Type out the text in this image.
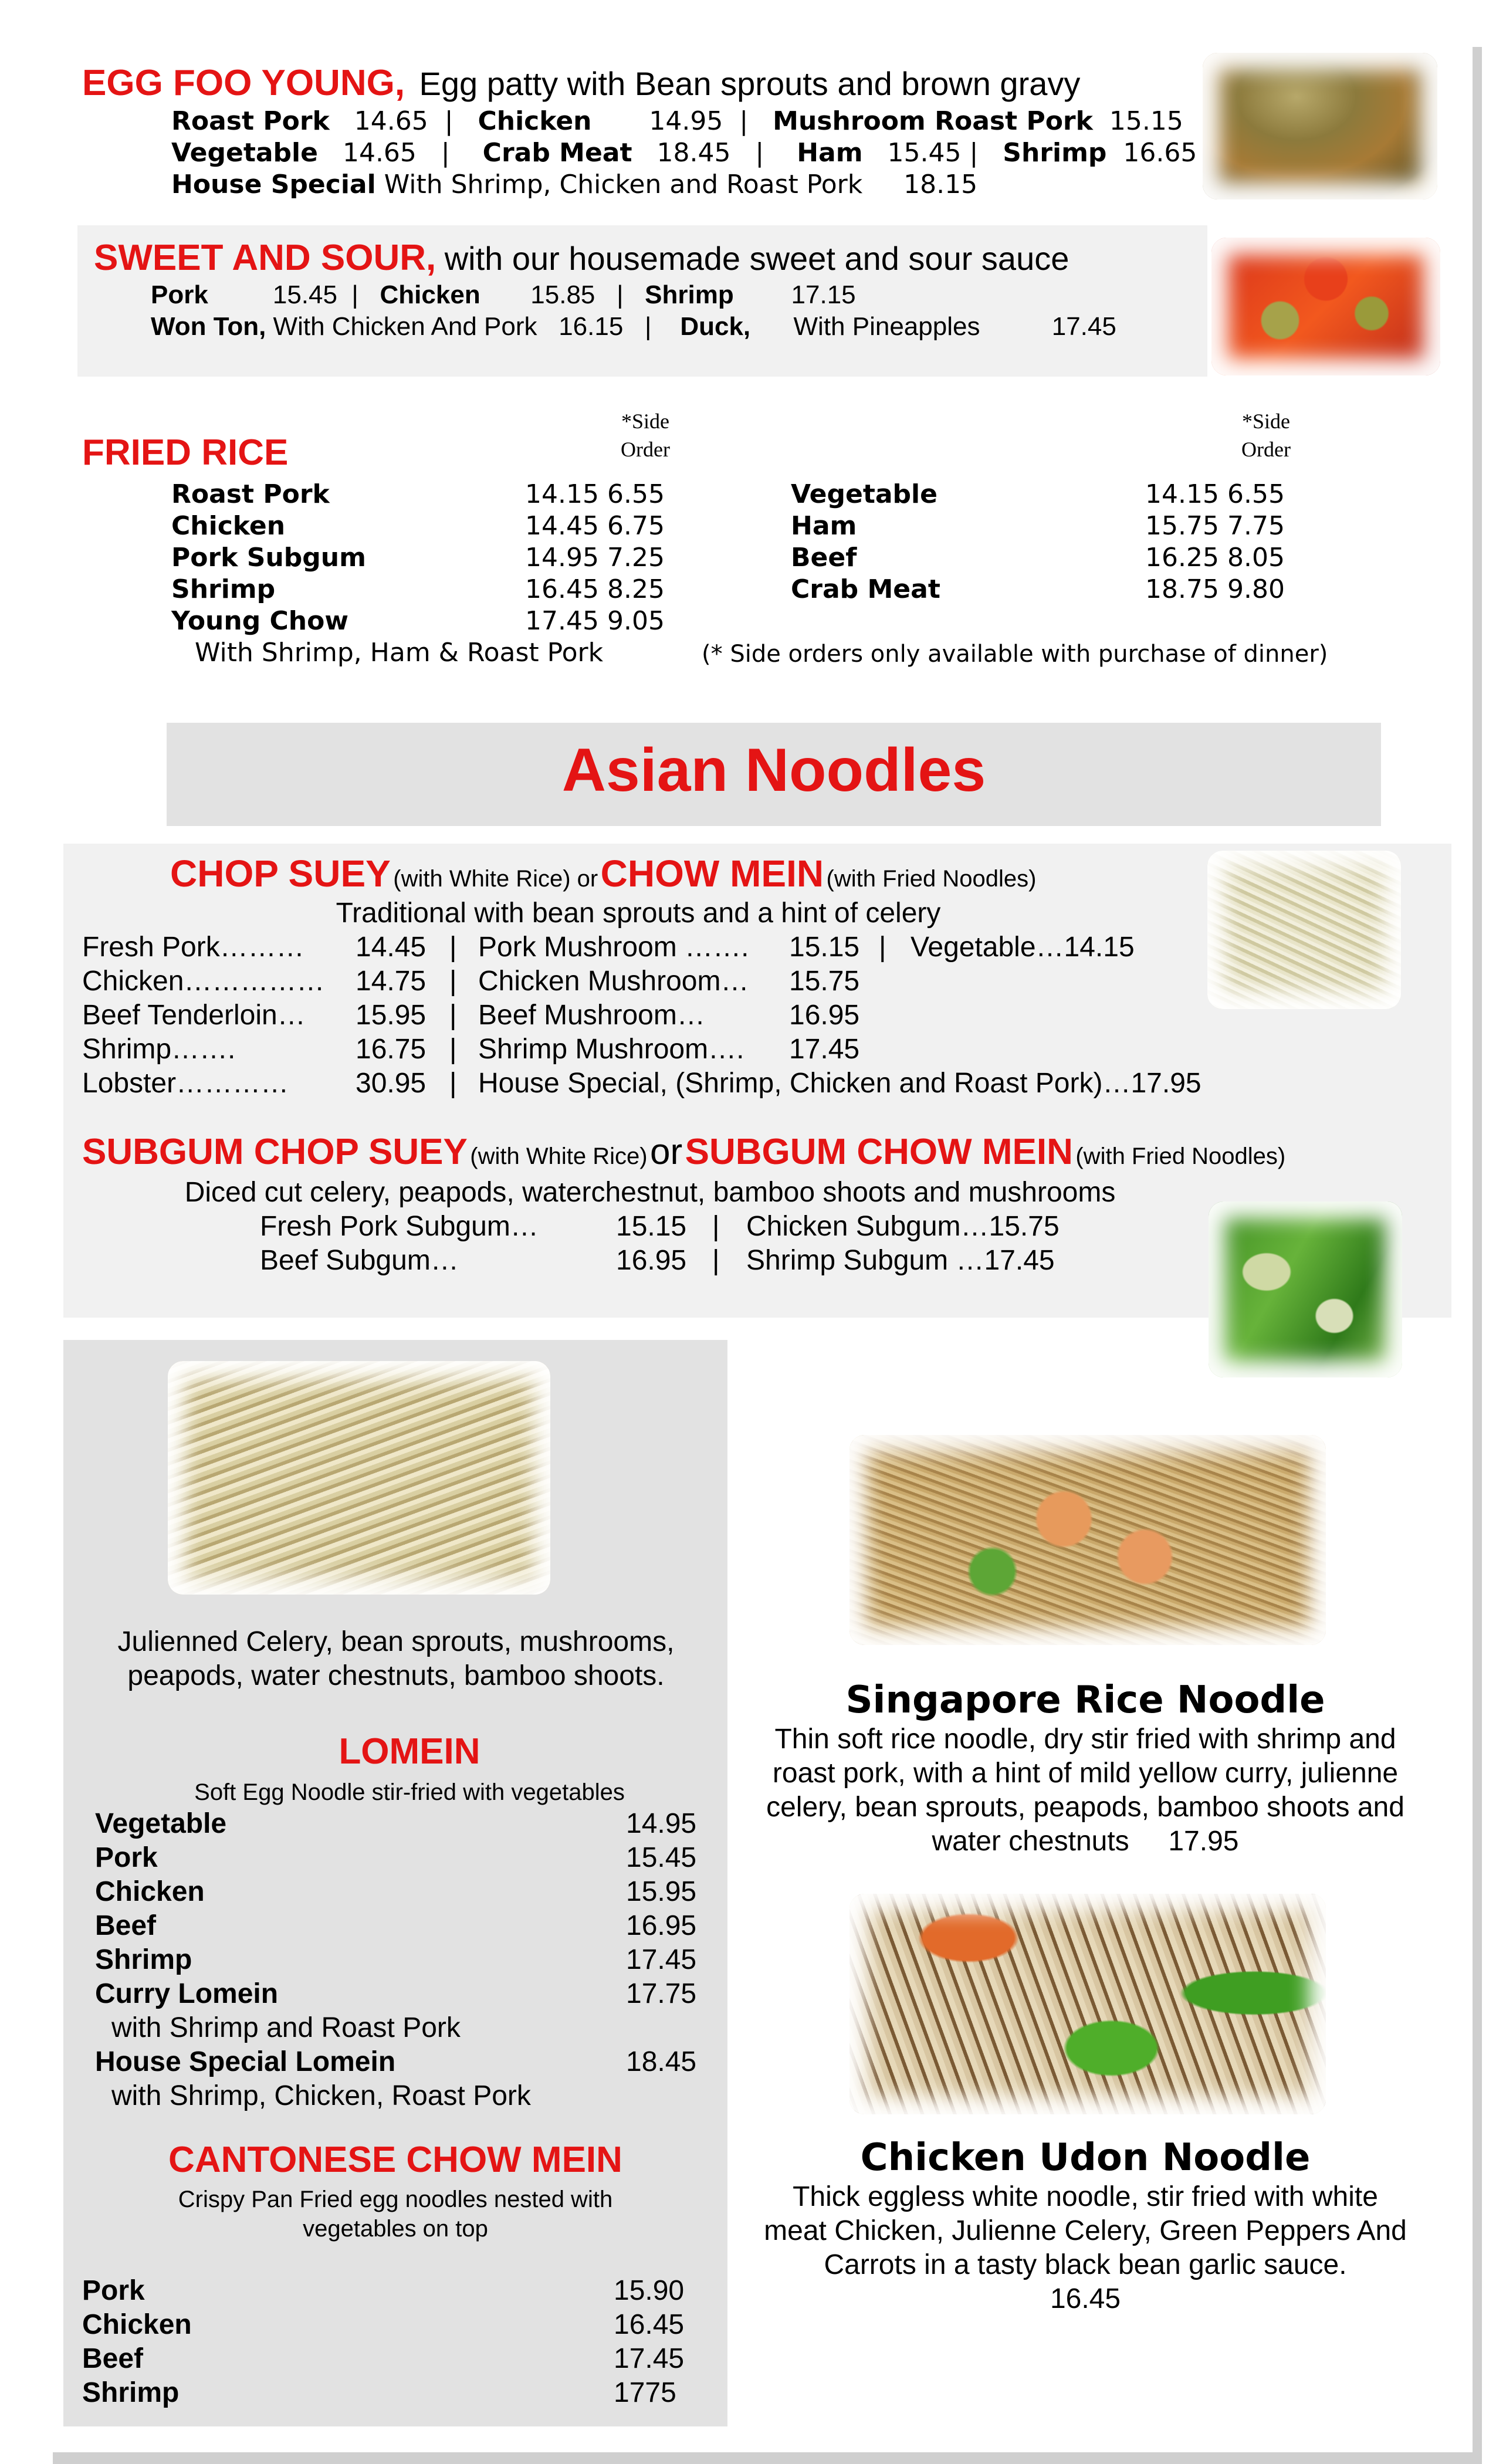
EGG FOO YOUNG, Egg patty with Bean sprouts and brown gravy
Roast Pork 14.65  |   Chicken 14.95  |   Mushroom Roast Pork 15.15
Vegetable 14.65   |    Crab Meat 18.45   |    Ham 15.45 |   Shrimp 16.65
House Special With Shrimp, Chicken and Roast Pork 18.15
SWEET AND SOUR, with our housemade sweet and sour sauce
Pork	15.45  |   Chicken 15.85   |   Shrimp 17.15
Won Ton, With Chicken And Pork 16.15   |    Duck, With Pineapples	17.45
FRIED RICE
*Side
Order
*Side
Order
Roast Pork	14.15 6.55
Chicken	14.45 6.75
Pork Subgum	14.95 7.25
Shrimp	16.45 8.25
Young Chow	17.45 9.05
With Shrimp, Ham & Roast Pork
Vegetable	14.15 6.55
Ham	15.75 7.75
Beef	16.25 8.05
Crab Meat	18.75 9.80
(* Side orders only available with purchase of dinner)
Asian Noodles
CHOP SUEY (with White Rice) or CHOW MEIN (with Fried Noodles)
Traditional with bean sprouts and a hint of celery
Fresh Pork……… 14.45 | Pork Mushroom ……. 15.15 | Vegetable…14.15
Chicken…………… 14.75 | Chicken Mushroom… 15.75
Beef Tenderloin… 15.95 | Beef Mushroom…	16.95
Shrimp…….	16.75 | Shrimp Mushroom…. 17.45
Lobster………… 30.95 | House Special, (Shrimp, Chicken and Roast Pork)…17.95
SUBGUM CHOP SUEY (with White Rice) or SUBGUM CHOW MEIN (with Fried Noodles)
Diced cut celery, peapods, waterchestnut, bamboo shoots and mushrooms
Fresh Pork Subgum…	15.15 | Chicken Subgum…15.75
Beef Subgum…	16.95 | Shrimp Subgum …17.45
Julienned Celery, bean sprouts, mushrooms, peapods, water chestnuts, bamboo shoots.
LOMEIN
Soft Egg Noodle stir-fried with vegetables
Vegetable	14.95
Pork	15.45
Chicken	15.95
Beef	16.95
Shrimp	17.45
Curry Lomein	17.75
with Shrimp and Roast Pork
House Special Lomein	18.45
with Shrimp, Chicken, Roast Pork
CANTONESE CHOW MEIN
Crispy Pan Fried egg noodles nested with
vegetables on top
Pork	15.90
Chicken	16.45
Beef	17.45
Shrimp	1775
Singapore Rice Noodle
Thin soft rice noodle, dry stir fried with shrimp and roast pork, with a hint of mild yellow curry, julienne celery, bean sprouts, peapods, bamboo shoots and water chestnuts 17.95
Chicken Udon Noodle
Thick eggless white noodle, stir fried with white meat Chicken, Julienne Celery, Green Peppers And Carrots in a tasty black bean garlic sauce.
16.45
